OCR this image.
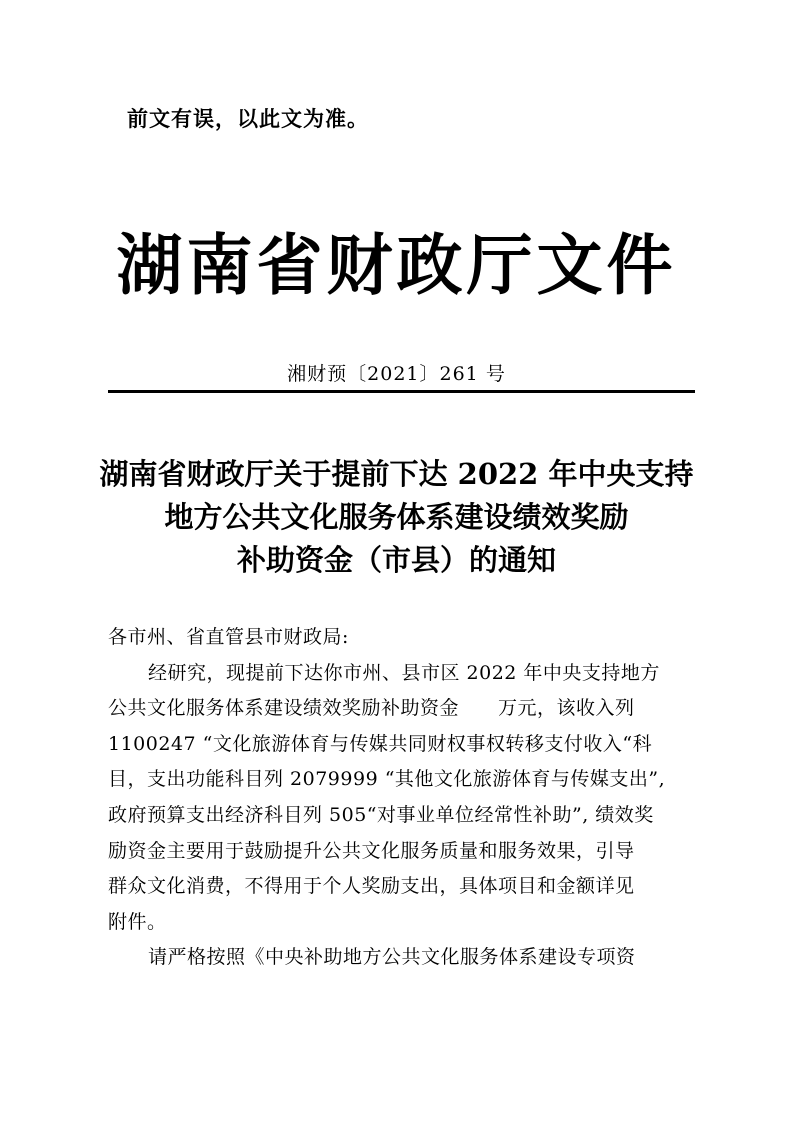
前文有误，以此文为准。
湖南省财政厅文件
湘财预〔2021〕261 号
湖南省财政厅关于提前下达 2022 年中央支持
地方公共文化服务体系建设绩效奖励
补助资金（市县）的通知

各市州、省直管县市财政局:

经研究，现提前下达你市州、县市区 2022 年中央支持地方

公共文化服务体系建设绩效奖励补助资金　　万元，该收入列

1100247 “文化旅游体育与传媒共同财权事权转移支付收入“科

目，支出功能科目列 2079999 “其他文化旅游体育与传媒支出”,

政府预算支出经济科目列 505“对事业单位经常性补助”, 绩效奖

励资金主要用于鼓励提升公共文化服务质量和服务效果，引导

群众文化消费，不得用于个人奖励支出，具体项目和金额详见

附件。

请严格按照《中央补助地方公共文化服务体系建设专项资
